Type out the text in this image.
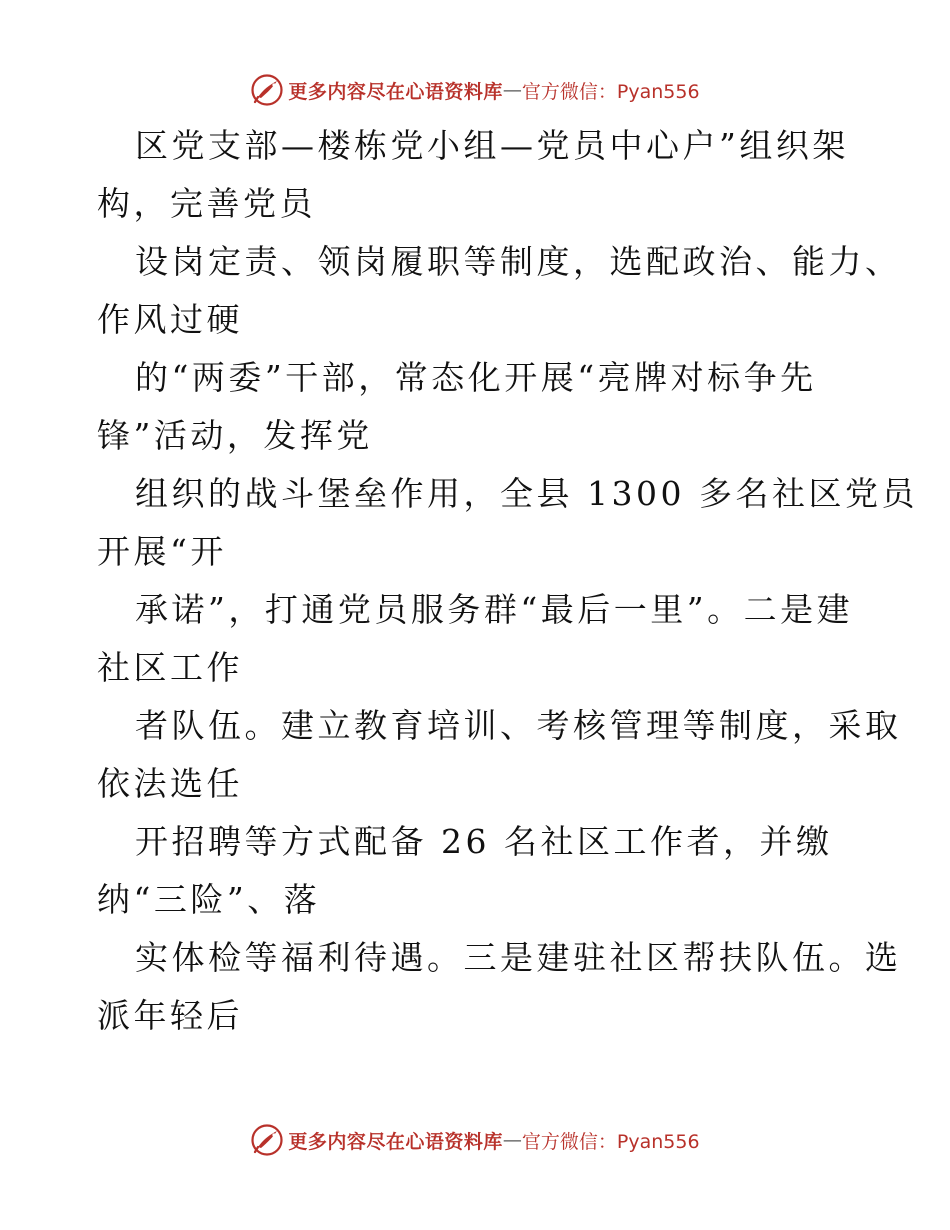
更多内容尽在心语资料库 — 官方微信：Pyan556
区党支部—楼栋党小组—党员中心户”组织架
构，完善党员
设岗定责、领岗履职等制度，选配政治、能力、
作风过硬
的“两委”干部，常态化开展“亮牌对标争先
锋”活动，发挥党
组织的战斗堡垒作用，全县 1300 多名社区党员
开展“开
承诺”，打通党员服务群“最后一里”。二是建
社区工作
者队伍。建立教育培训、考核管理等制度，采取
依法选任
开招聘等方式配备 26 名社区工作者，并缴
纳“三险”、落
实体检等福利待遇。三是建驻社区帮扶队伍。选
派年轻后
更多内容尽在心语资料库 — 官方微信：Pyan556
